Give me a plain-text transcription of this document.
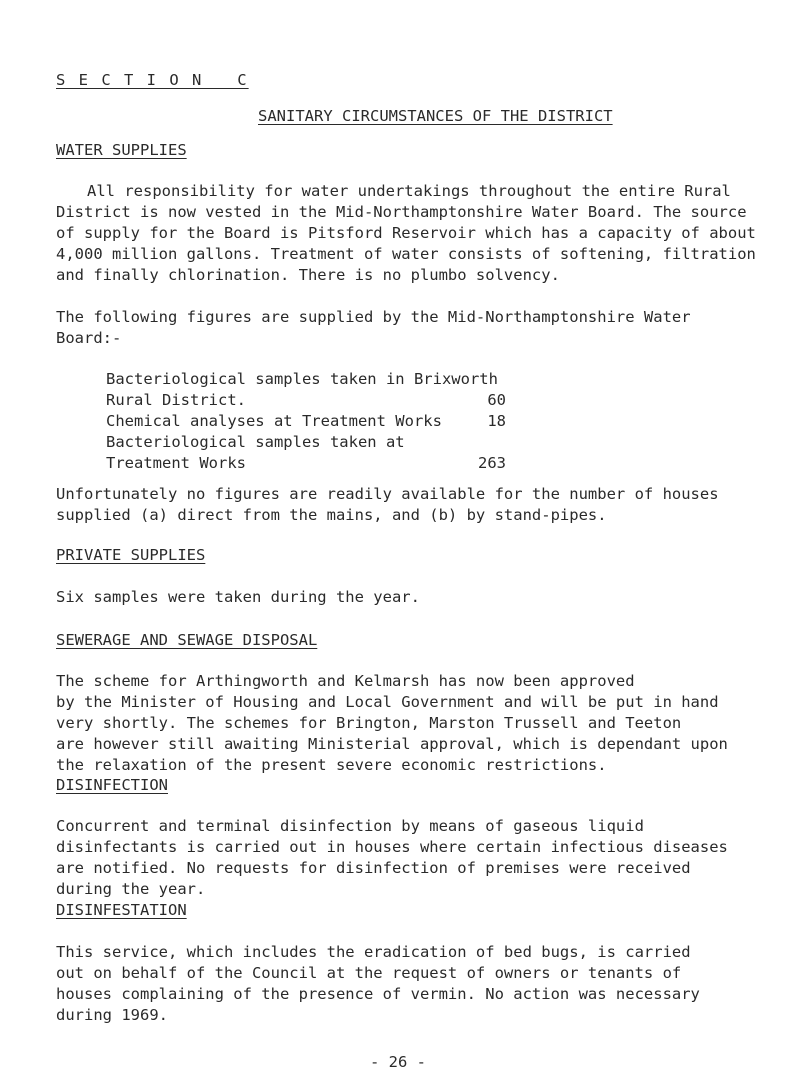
S E C T I O N   C
SANITARY CIRCUMSTANCES OF THE DISTRICT
WATER SUPPLIES
All responsibility for water undertakings throughout the entire Rural
District is now vested in the Mid-Northamptonshire Water Board. The source
of supply for the Board is Pitsford Reservoir which has a capacity of about
4,000 million gallons. Treatment of water consists of softening, filtration
and finally chlorination. There is no plumbo solvency.
The following figures are supplied by the Mid-Northamptonshire Water
Board:-
Bacteriological samples taken in Brixworth
Rural District.	60
Chemical analyses at Treatment Works	18
Bacteriological samples taken at
Treatment Works	263
Unfortunately no figures are readily available for the number of houses
supplied (a) direct from the mains, and (b) by stand-pipes.
PRIVATE SUPPLIES
Six samples were taken during the year.
SEWERAGE AND SEWAGE DISPOSAL
The scheme for Arthingworth and Kelmarsh has now been approved
by the Minister of Housing and Local Government and will be put in hand
very shortly. The schemes for Brington, Marston Trussell and Teeton
are however still awaiting Ministerial approval, which is dependant upon
the relaxation of the present severe economic restrictions.
DISINFECTION
Concurrent and terminal disinfection by means of gaseous liquid
disinfectants is carried out in houses where certain infectious diseases
are notified. No requests for disinfection of premises were received
during the year.
DISINFESTATION
This service, which includes the eradication of bed bugs, is carried
out on behalf of the Council at the request of owners or tenants of
houses complaining of the presence of vermin. No action was necessary
during 1969.
- 26 -
